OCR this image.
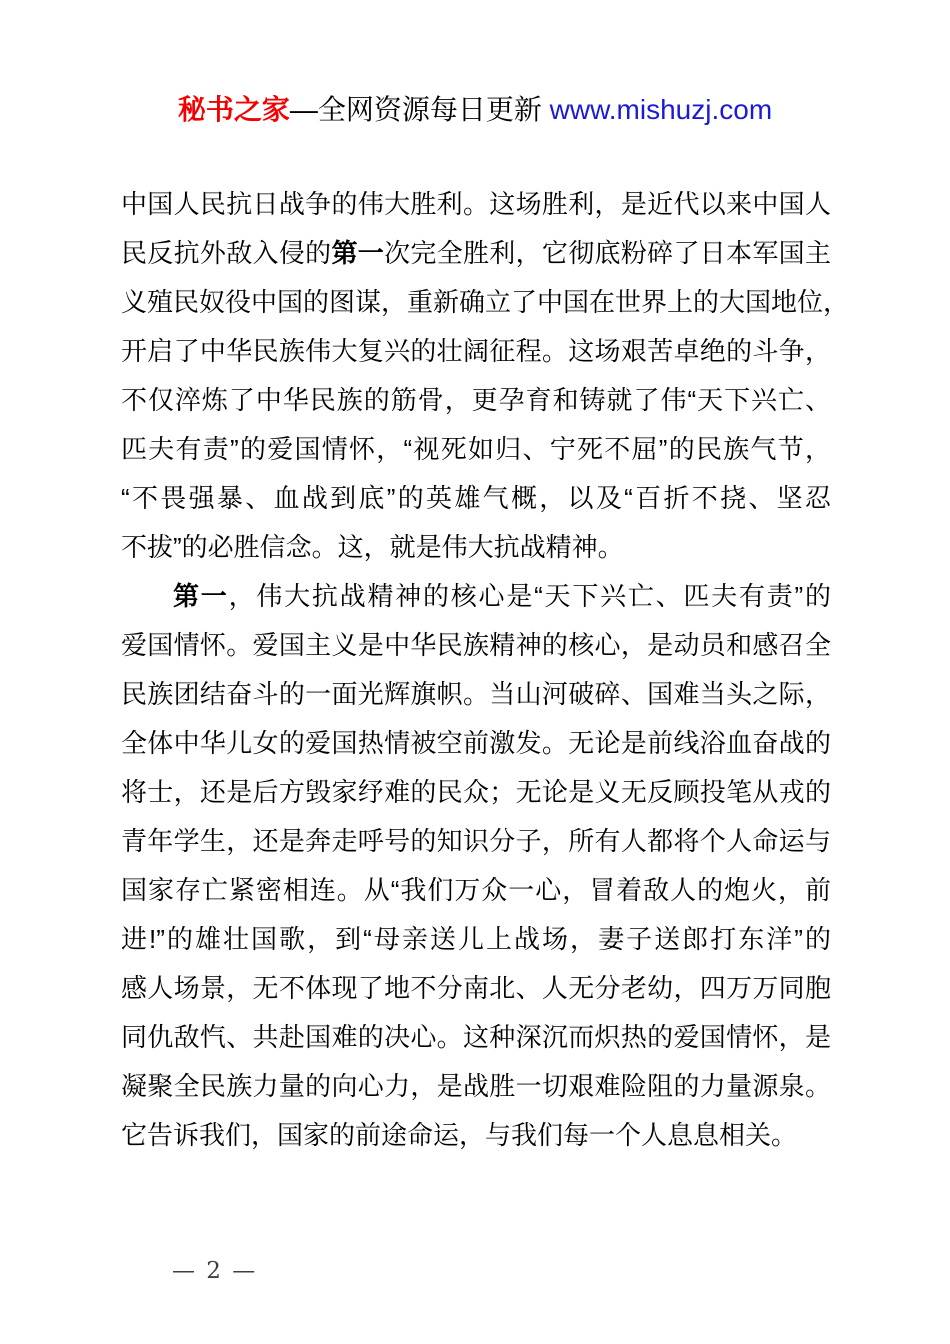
秘书之家—全网资源每日更新 www.mishuzj.com
中国人民抗日战争的伟大胜利。这场胜利，是近代以来中国人
民反抗外敌入侵的第一次完全胜利，它彻底粉碎了日本军国主
义殖民奴役中国的图谋，重新确立了中国在世界上的大国地位，
开启了中华民族伟大复兴的壮阔征程。这场艰苦卓绝的斗争，
不仅淬炼了中华民族的筋骨，更孕育和铸就了伟“天下兴亡、
匹夫有责”的爱国情怀，“视死如归、宁死不屈”的民族气节，
“不畏强暴、血战到底”的英雄气概，以及“百折不挠、坚忍
不拔”的必胜信念。这，就是伟大抗战精神。
第一，伟大抗战精神的核心是“天下兴亡、匹夫有责”的
爱国情怀。爱国主义是中华民族精神的核心，是动员和感召全
民族团结奋斗的一面光辉旗帜。当山河破碎、国难当头之际，
全体中华儿女的爱国热情被空前激发。无论是前线浴血奋战的
将士，还是后方毁家纾难的民众；无论是义无反顾投笔从戎的
青年学生，还是奔走呼号的知识分子，所有人都将个人命运与
国家存亡紧密相连。从“我们万众一心，冒着敌人的炮火，前
进!”的雄壮国歌，到“母亲送儿上战场，妻子送郎打东洋”的
感人场景，无不体现了地不分南北、人无分老幼，四万万同胞
同仇敌忾、共赴国难的决心。这种深沉而炽热的爱国情怀，是
凝聚全民族力量的向心力，是战胜一切艰难险阻的力量源泉。
它告诉我们，国家的前途命运，与我们每一个人息息相关。
— 2 —
